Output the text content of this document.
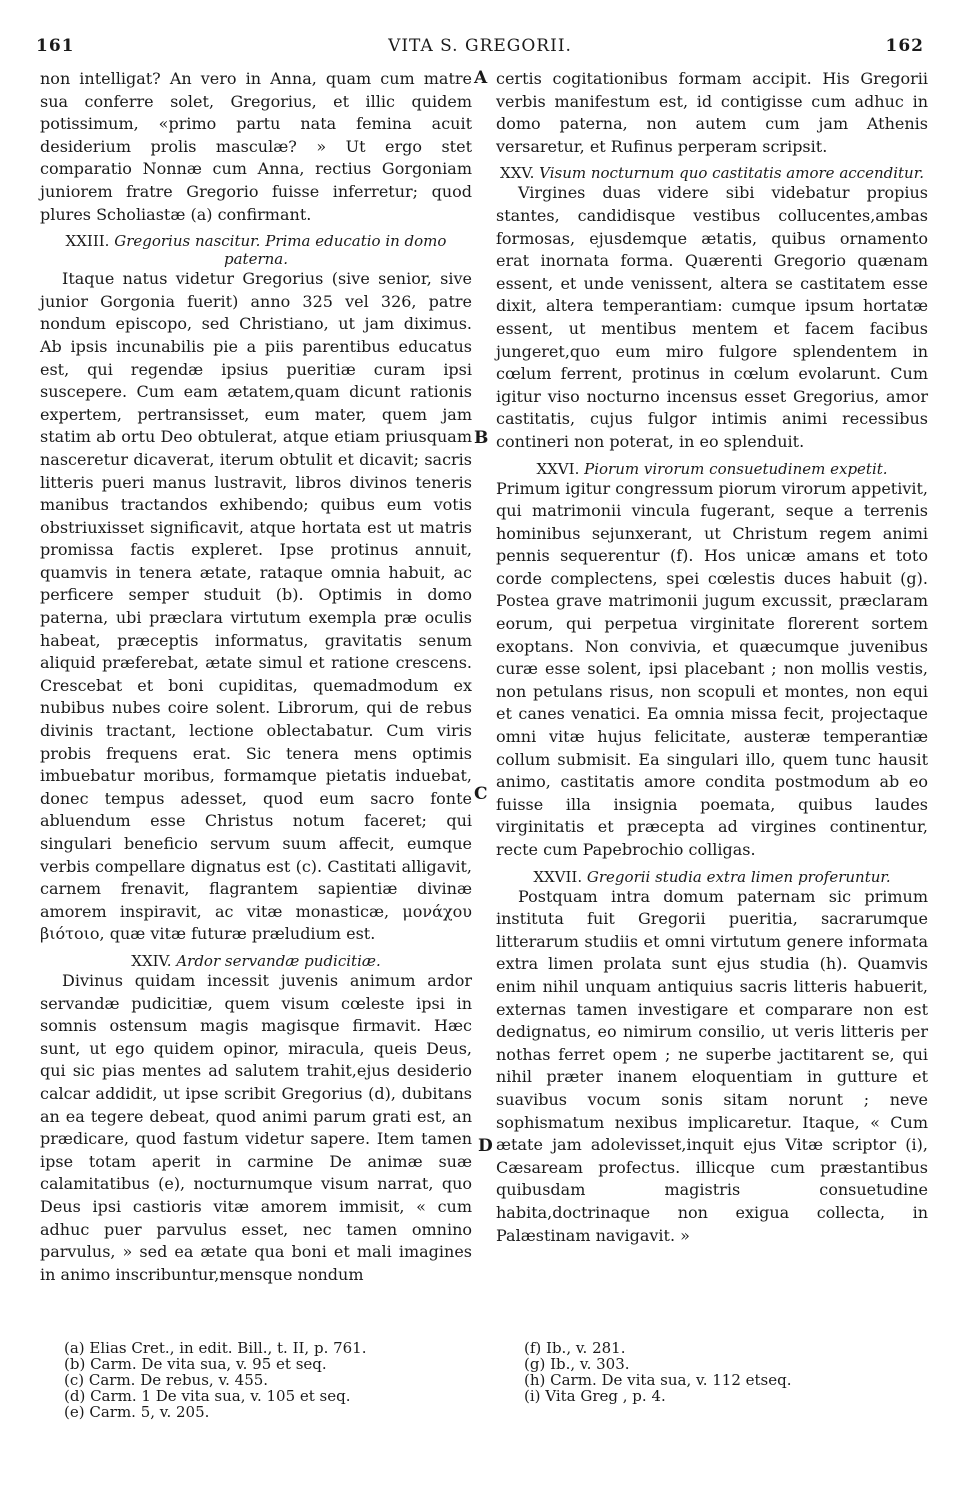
161	VITA S. GREGORII.	162
A
B
C
D

non intelligat? An vero in Anna, quam cum matre sua conferre solet, Gregorius, et illic quidem potissimum, «primo partu nata femina acuit desiderium prolis masculæ? » Ut ergo stet comparatio Nonnæ cum Anna, rectius Gorgoniam juniorem fratre Gregorio fuisse inferretur; quod plures Scholiastæ (a) confirmant.

XXIII. Gregorius nascitur. Prima educatio in domo paterna.

Itaque natus videtur Gregorius (sive senior, sive junior Gorgonia fuerit) anno 325 vel 326, patre nondum episcopo, sed Christiano, ut jam diximus. Ab ipsis incunabilis pie a piis parentibus educatus est, qui regendæ ipsius pueritiæ curam ipsi suscepere. Cum eam ætatem,quam dicunt rationis expertem, pertransisset, eum mater, quem jam statim ab ortu Deo obtulerat, atque etiam priusquam nasceretur dicaverat, iterum obtulit et dicavit; sacris litteris pueri manus lustravit, libros divinos teneris manibus tractandos exhibendo; quibus eum votis obstriuxisset significavit, atque hortata est ut matris promissa factis expleret. Ipse protinus annuit, quamvis in tenera ætate, rataque omnia habuit, ac perficere semper studuit (b). Optimis in domo paterna, ubi præclara virtutum exempla præ oculis habeat, præceptis informatus, gravitatis senum aliquid præferebat, ætate simul et ratione crescens. Crescebat et boni cupiditas, quemadmodum ex nubibus nubes coire solent. Librorum, qui de rebus divinis tractant, lectione oblectabatur. Cum viris probis frequens erat. Sic tenera mens optimis imbuebatur moribus, formamque pietatis induebat, donec tempus adesset, quod eum sacro fonte abluendum esse Christus notum faceret; qui singulari beneficio servum suum affecit, eumque verbis compellare dignatus est (c). Castitati alligavit, carnem frenavit, flagrantem sapientiæ divinæ amorem inspiravit, ac vitæ monasticæ, μονάχου βιότοιο, quæ vitæ futuræ præludium est.

XXIV. Ardor servandæ pudicitiæ.

Divinus quidam incessit juvenis animum ardor servandæ pudicitiæ, quem visum cœleste ipsi in somnis ostensum magis magisque firmavit. Hæc sunt, ut ego quidem opinor, miracula, queis Deus, qui sic pias mentes ad salutem trahit,ejus desiderio calcar addidit, ut ipse scribit Gregorius (d), dubitans an ea tegere debeat, quod animi parum grati est, an prædicare, quod fastum videtur sapere. Item tamen ipse totam aperit in carmine De animæ suæ calamitatibus (e), nocturnumque visum narrat, quo Deus ipsi castioris vitæ amorem immisit, « cum adhuc puer parvulus esset, nec tamen omnino parvulus, » sed ea ætate qua boni et mali imagines in animo inscribuntur,mensque nondum

certis cogitationibus formam accipit. His Gregorii verbis manifestum est, id contigisse cum adhuc in domo paterna, non autem cum jam Athenis versaretur, et Rufinus perperam scripsit.

XXV. Visum nocturnum quo castitatis amore accenditur.

Virgines duas videre sibi videbatur propius stantes, candidisque vestibus collucentes,ambas formosas, ejusdemque ætatis, quibus ornamento erat inornata forma. Quærenti Gregorio quænam essent, et unde venissent, altera se castitatem esse dixit, altera temperantiam: cumque ipsum hortatæ essent, ut mentibus mentem et facem facibus jungeret,quo eum miro fulgore splendentem in cœlum ferrent, protinus in cœlum evolarunt. Cum igitur viso nocturno incensus esset Gregorius, amor castitatis, cujus fulgor intimis animi recessibus contineri non poterat, in eo splenduit.

XXVI. Piorum virorum consuetudinem expetit.

Primum igitur congressum piorum virorum appetivit, qui matrimonii vincula fugerant, seque a terrenis hominibus sejunxerant, ut Christum regem animi pennis sequerentur (f). Hos unicæ amans et toto corde complectens, spei cœlestis duces habuit (g). Postea grave matrimonii jugum excussit, præclaram eorum, qui perpetua virginitate florerent sortem exoptans. Non convivia, et quæcumque juvenibus curæ esse solent, ipsi placebant ; non mollis vestis, non petulans risus, non scopuli et montes, non equi et canes venatici. Ea omnia missa fecit, projectaque omni vitæ hujus felicitate, austeræ temperantiæ collum submisit. Ea singulari illo, quem tunc hausit animo, castitatis amore condita postmodum ab eo fuisse illa insignia poemata, quibus laudes virginitatis et præcepta ad virgines continentur, recte cum Papebrochio colligas.

XXVII. Gregorii studia extra limen proferuntur.

Postquam intra domum paternam sic primum instituta fuit Gregorii pueritia, sacrarumque litterarum studiis et omni virtutum genere informata extra limen prolata sunt ejus studia (h). Quamvis enim nihil unquam antiquius sacris litteris habuerit, externas tamen investigare et comparare non est dedignatus, eo nimirum consilio, ut veris litteris per nothas ferret opem ; ne superbe jactitarent se, qui nihil præter inanem eloquentiam in gutture et suavibus vocum sonis sitam norunt ; neve sophismatum nexibus implicaretur. Itaque, « Cum ætate jam adolevisset,inquit ejus Vitæ scriptor (i), Cæsaream profectus. illicque cum præstantibus quibusdam magistris consuetudine habita,doctrinaque non exigua collecta, in Palæstinam navigavit. »

(a) Elias Cret., in edit. Bill., t. II, p. 761.
(b) Carm. De vita sua, v. 95 et seq.
(c) Carm. De rebus, v. 455.
(d) Carm. 1 De vita sua, v. 105 et seq.
(e) Carm. 5, v. 205.
(f) Ib., v. 281.
(g) Ib., v. 303.
(h) Carm. De vita sua, v. 112 etseq.
(i) Vita Greg , p. 4.
